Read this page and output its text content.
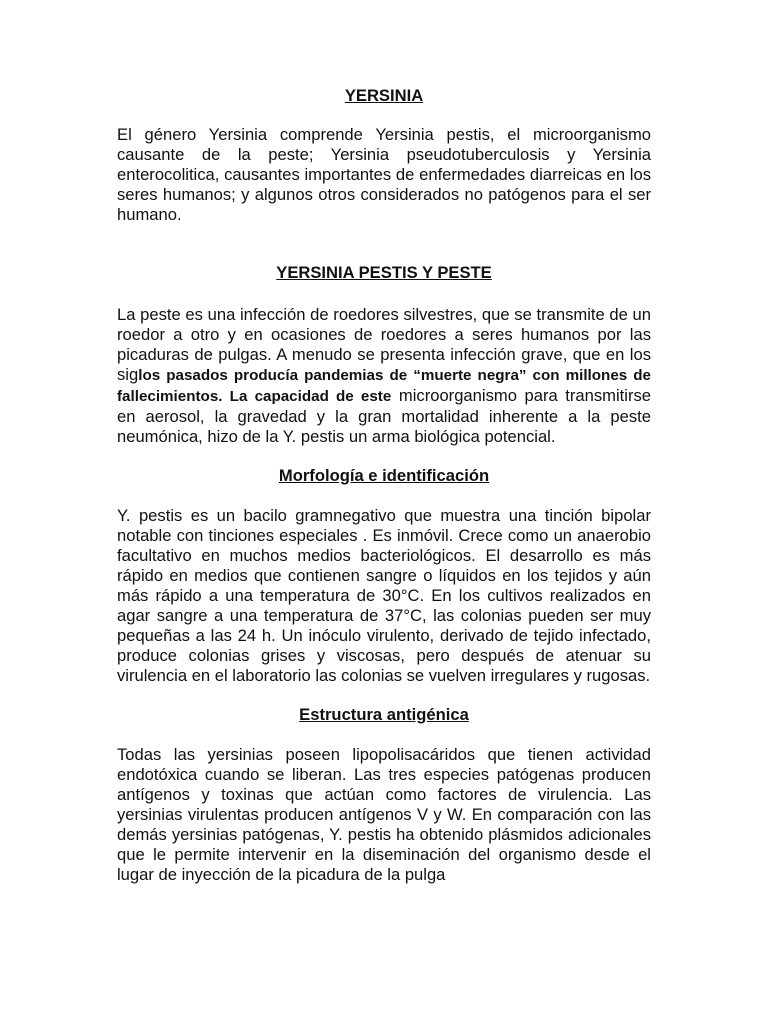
YERSINIA

El género Yersinia comprende Yersinia pestis, el microorganismo causante de la peste; Yersinia pseudotuberculosis y Yersinia enterocolitica, causantes importantes de enfermedades diarreicas en los seres humanos; y algunos otros considerados no patógenos para el ser humano.

YERSINIA PESTIS Y PESTE

La peste es una infección de roedores silvestres, que se transmite de un roedor a otro y en ocasiones de roedores a seres humanos por las picaduras de pulgas. A menudo se presenta infección grave, que en los siglos pasados producía pandemias de “muerte negra” con millones de fallecimientos. La capacidad de este microorganismo para transmitirse en aerosol, la gravedad y la gran mortalidad inherente a la peste neumónica, hizo de la Y. pestis un arma biológica potencial.

Morfología e identificación

Y. pestis es un bacilo gramnegativo que muestra una tinción bipolar notable con tinciones especiales . Es inmóvil. Crece como un anaerobio facultativo en muchos medios bacteriológicos. El desarrollo es más rápido en medios que contienen sangre o líquidos en los tejidos y aún más rápido a una temperatura de 30°C. En los cultivos realizados en agar sangre a una temperatura de 37°C, las colonias pueden ser muy pequeñas a las 24 h. Un inóculo virulento, derivado de tejido infectado, produce colonias grises y viscosas, pero después de atenuar su virulencia en el laboratorio las colonias se vuelven irregulares y rugosas.

Estructura antigénica

Todas las yersinias poseen lipopolisacáridos que tienen actividad endotóxica cuando se liberan. Las tres especies patógenas producen antígenos y toxinas que actúan como factores de virulencia. Las yersinias virulentas producen antígenos V y W. En comparación con las demás yersinias patógenas, Y. pestis ha obtenido plásmidos adicionales que le permite intervenir en la diseminación del organismo desde el lugar de inyección de la picadura de la pulga
